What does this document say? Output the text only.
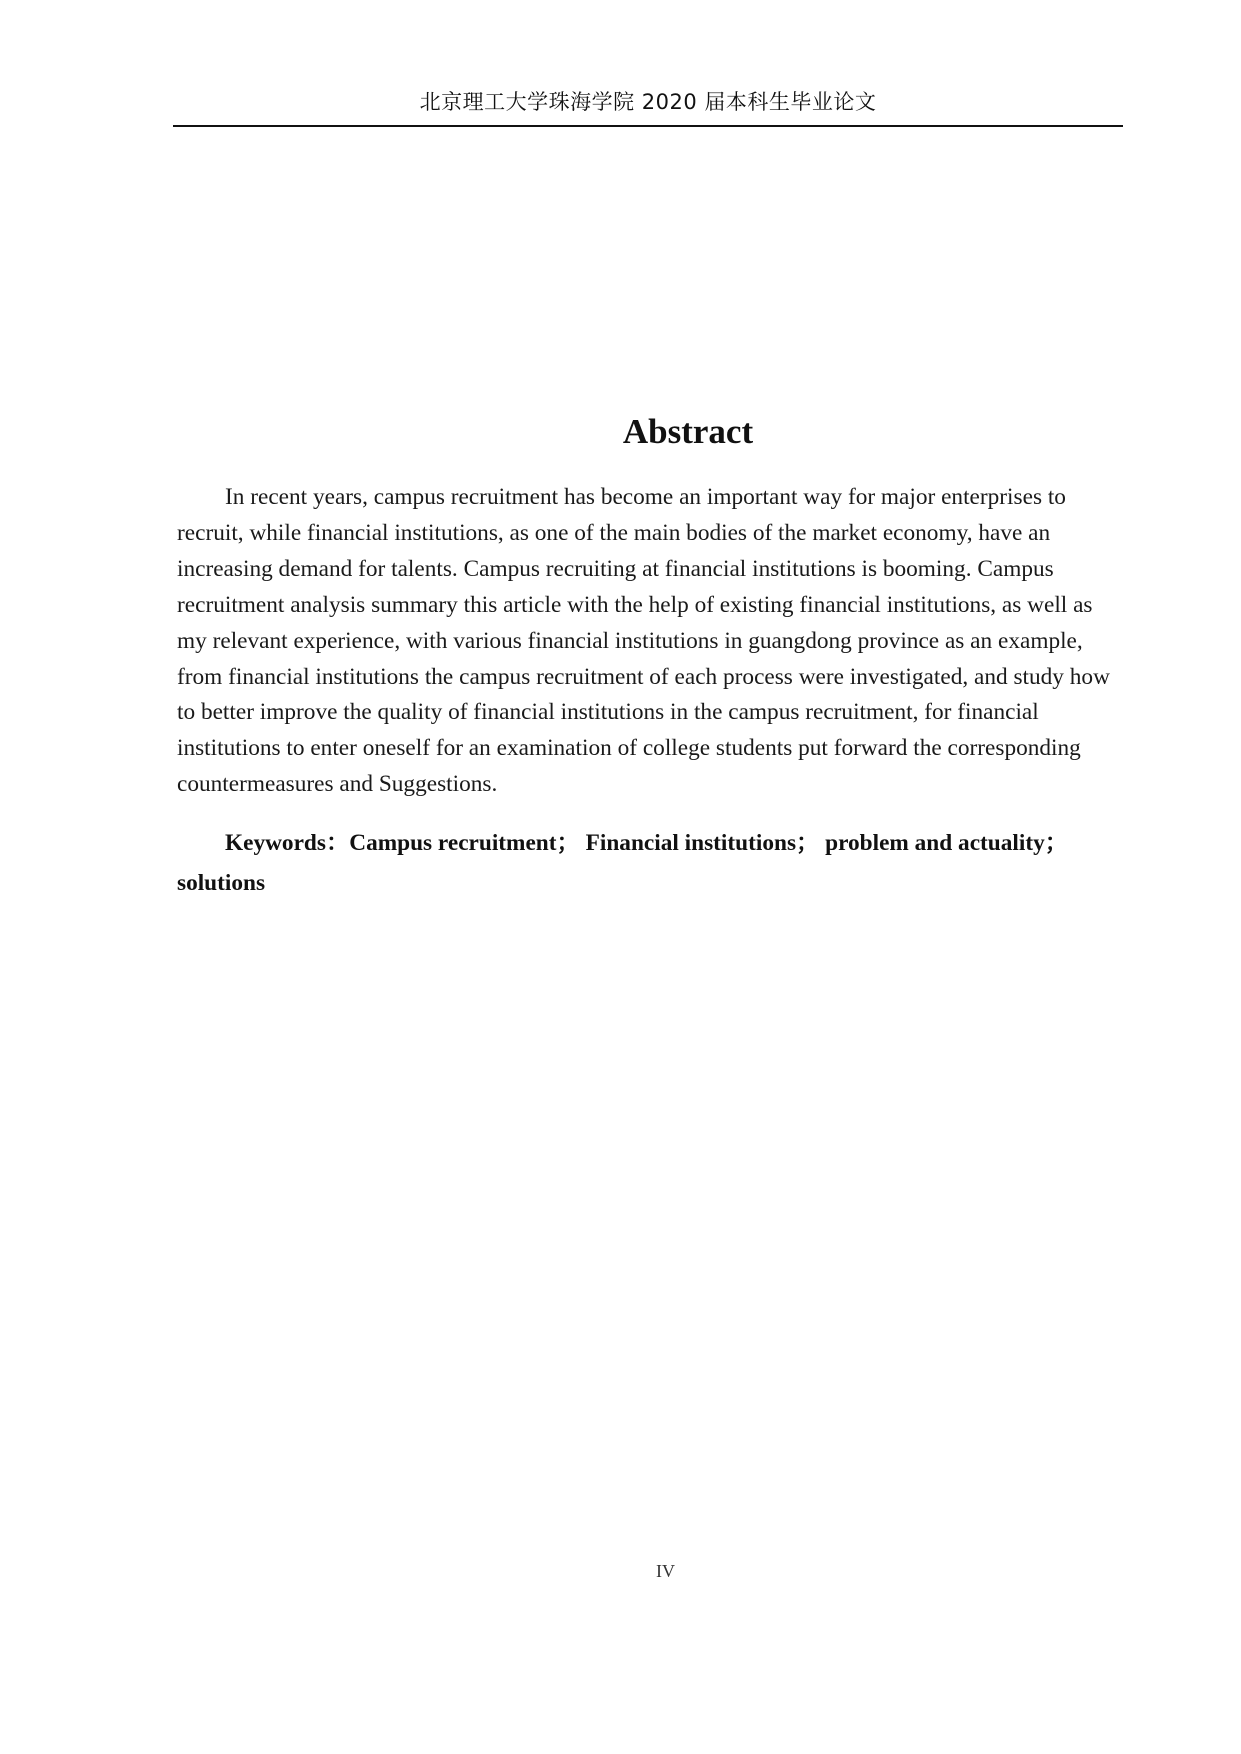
北京理工大学珠海学院 2020 届本科生毕业论文
Abstract

In recent years, campus recruitment has become an important way for major enterprises to recruit, while financial institutions, as one of the main bodies of the market economy, have an increasing demand for talents. Campus recruiting at financial institutions is booming. Campus recruitment analysis summary this article with the help of existing financial institutions, as well as my relevant experience, with various financial institutions in guangdong province as an example, from financial institutions the campus recruitment of each process were investigated, and study how to better improve the quality of financial institutions in the campus recruitment, for financial institutions to enter oneself for an examination of college students put forward the corresponding countermeasures and Suggestions.

Keywords：Campus recruitment； Financial institutions； problem and actuality； solutions

IV
